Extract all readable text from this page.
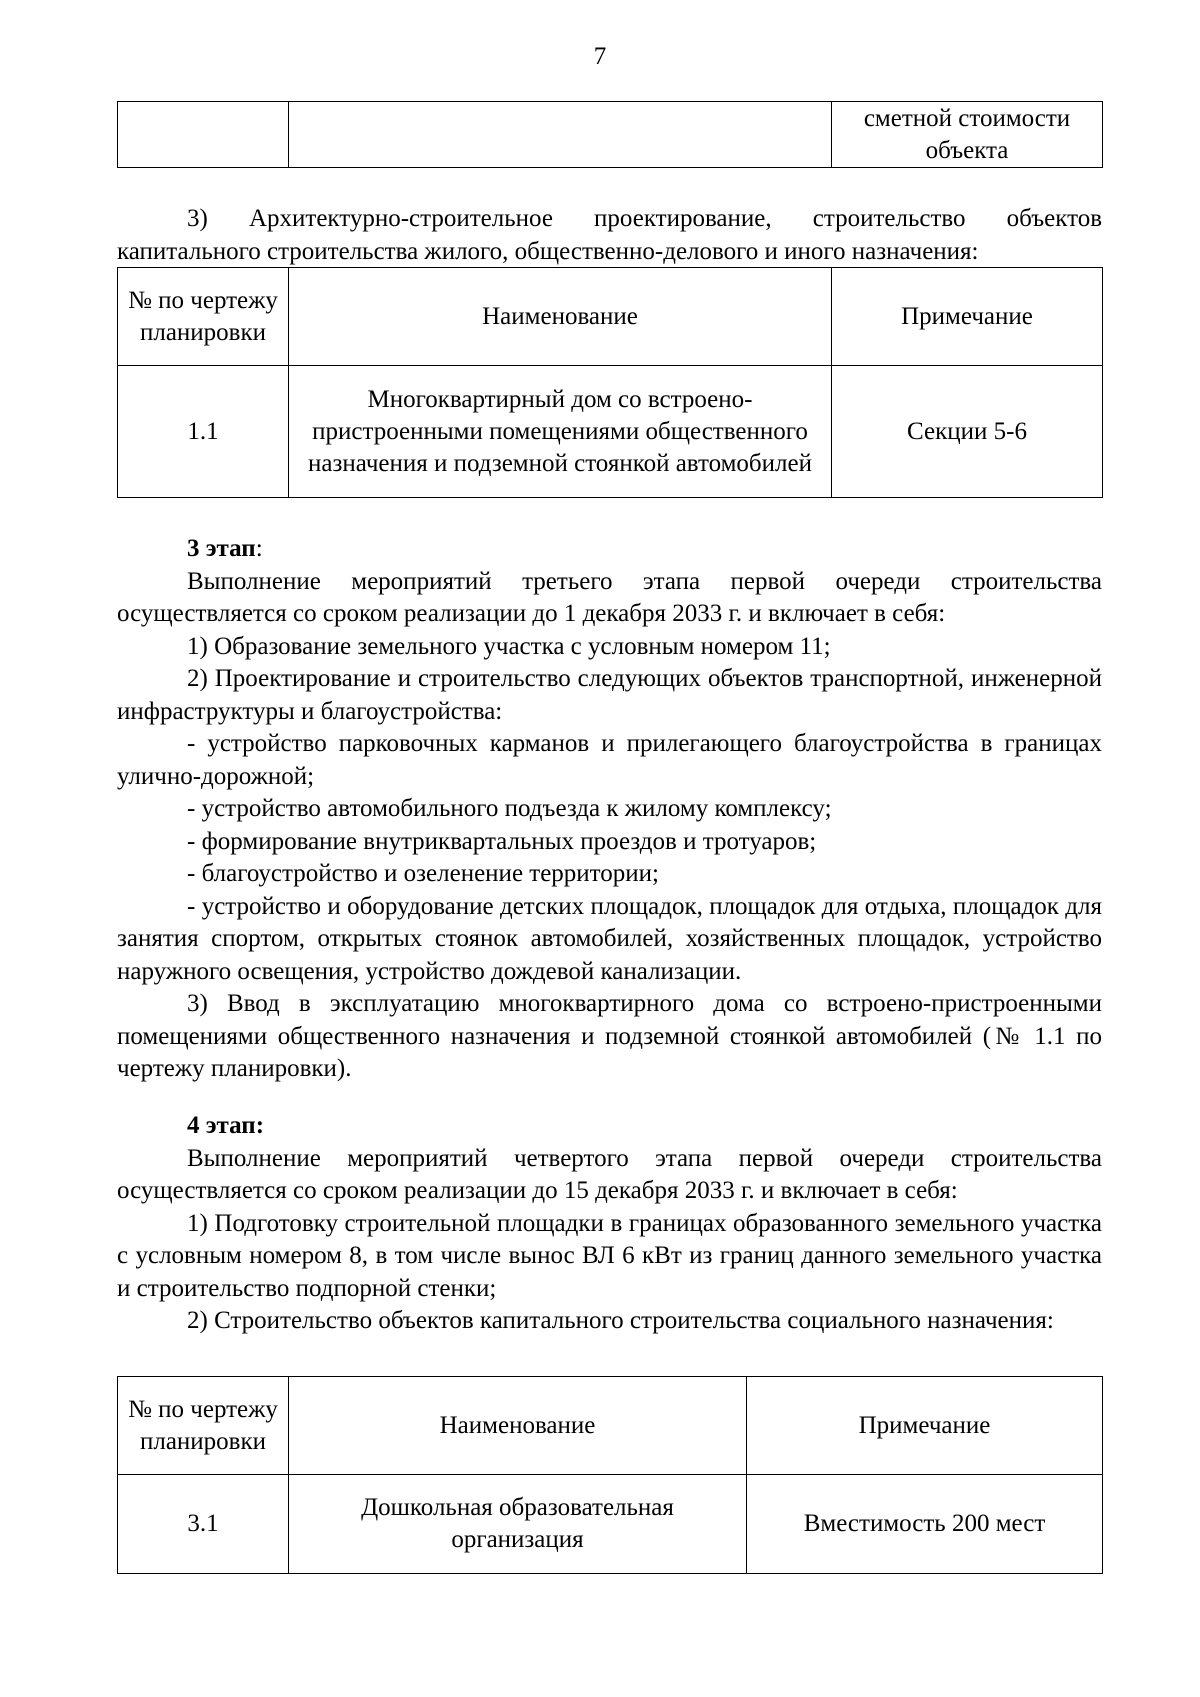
7
		сметной стоимости объекта

3) Архитектурно-строительное проектирование, строительство объектов капитального строительства жилого, общественно-делового и иного назначения:

№ по чертежу планировки	Наименование	Примечание
1.1	Многоквартирный дом со встроено-пристроенными помещениями общественного назначения и подземной стоянкой автомобилей	Секции 5-6

3 этап:

Выполнение мероприятий третьего этапа первой очереди строительства осуществляется со сроком реализации до 1 декабря 2033 г. и включает в себя:

1) Образование земельного участка с условным номером 11;

2) Проектирование и строительство следующих объектов транспортной, инженерной инфраструктуры и благоустройства:

- устройство парковочных карманов и прилегающего благоустройства в границах улично-дорожной;

- устройство автомобильного подъезда к жилому комплексу;

- формирование внутриквартальных проездов и тротуаров;

- благоустройство и озеленение территории;

- устройство и оборудование детских площадок, площадок для отдыха, площадок для занятия спортом, открытых стоянок автомобилей, хозяйственных площадок, устройство наружного освещения, устройство дождевой канализации.

3) Ввод в эксплуатацию многоквартирного дома со встроено-пристроенными помещениями общественного назначения и подземной стоянкой автомобилей (№ 1.1 по чертежу планировки).

4 этап:

Выполнение мероприятий четвертого этапа первой очереди строительства осуществляется со сроком реализации до 15 декабря 2033 г. и включает в себя:

1) Подготовку строительной площадки в границах образованного земельного участка с условным номером 8, в том числе вынос ВЛ 6 кВт из границ данного земельного участка и строительство подпорной стенки;

2) Строительство объектов капитального строительства социального назначения:

№ по чертежу планировки	Наименование	Примечание
3.1	Дошкольная образовательная организация	Вместимость 200 мест
